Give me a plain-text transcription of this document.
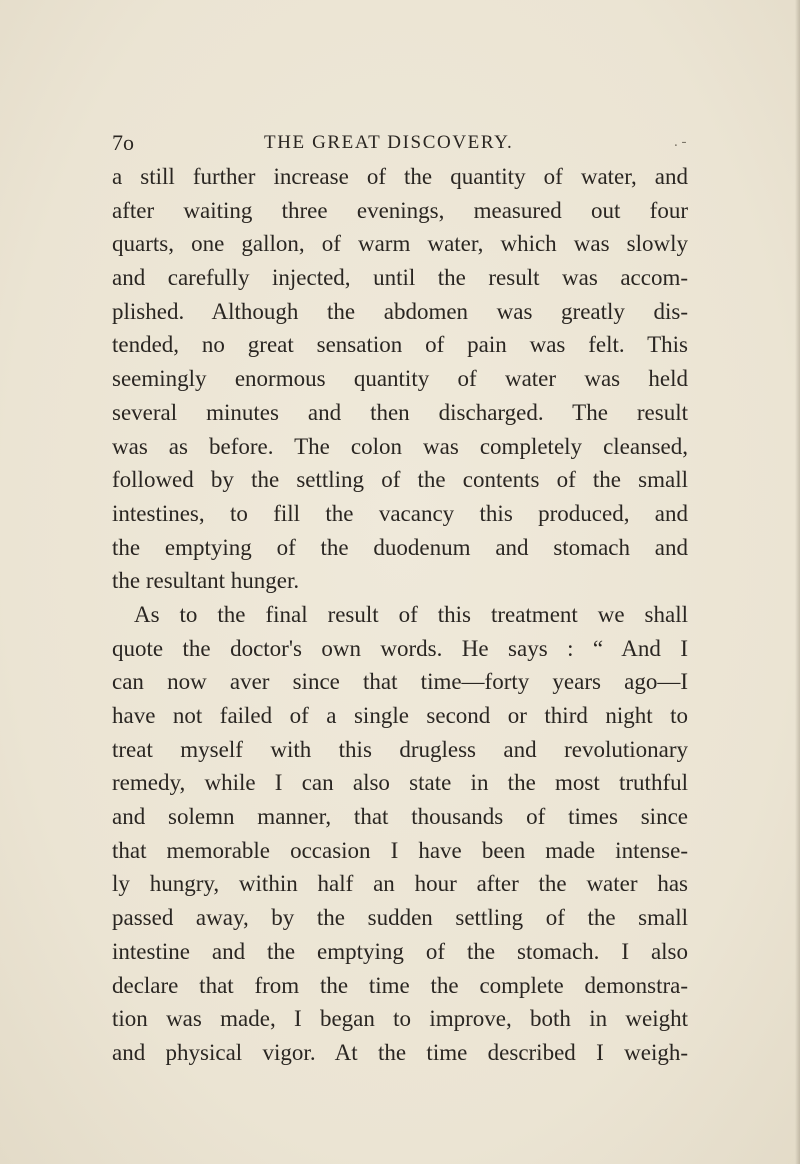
7o	THE GREAT DISCOVERY.	. -
a still further increase of the quantity of water, and
after waiting three evenings, measured out four
quarts, one gallon, of warm water, which was slowly
and carefully injected, until the result was accom-
plished. Although the abdomen was greatly dis-
tended, no great sensation of pain was felt. This
seemingly enormous quantity of water was held
several minutes and then discharged. The result
was as before. The colon was completely cleansed,
followed by the settling of the contents of the small
intestines, to fill the vacancy this produced, and
the emptying of the duodenum and stomach and
the resultant hunger.
As to the final result of this treatment we shall
quote the doctor's own words. He says : “ And I
can now aver since that time—forty years ago—I
have not failed of a single second or third night to
treat myself with this drugless and revolutionary
remedy, while I can also state in the most truthful
and solemn manner, that thousands of times since
that memorable occasion I have been made intense-
ly hungry, within half an hour after the water has
passed away, by the sudden settling of the small
intestine and the emptying of the stomach. I also
declare that from the time the complete demonstra-
tion was made, I began to improve, both in weight
and physical vigor. At the time described I weigh-
